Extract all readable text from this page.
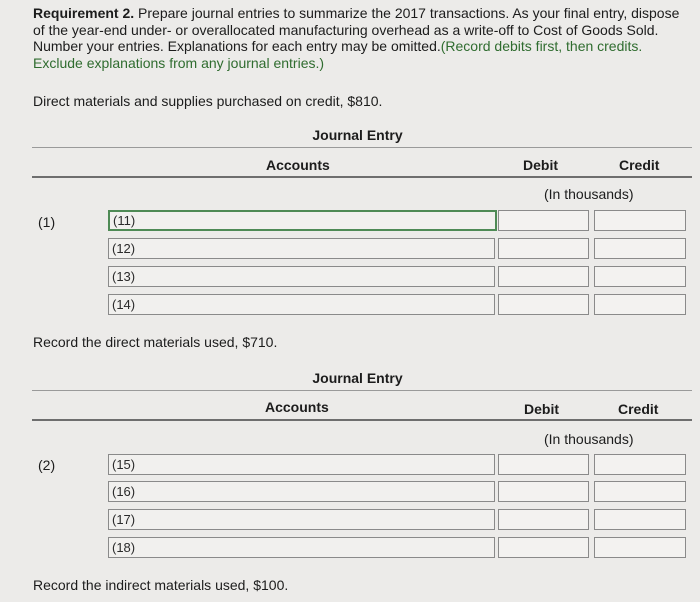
Requirement 2. Prepare journal entries to summarize the 2017 transactions. As your final entry, dispose of the year-end under- or overallocated manufacturing overhead as a write-off to Cost of Goods Sold. Number your entries. Explanations for each entry may be omitted.(Record debits first, then credits. Exclude explanations from any journal entries.)
Direct materials and supplies purchased on credit, $810.
Journal Entry
Accounts	Debit	Credit
(In thousands)
(1)	(11)
(12)
(13)
(14)
Record the direct materials used, $710.
Journal Entry
Accounts	Debit	Credit
(In thousands)
(2)	(15)
(16)
(17)
(18)
Record the indirect materials used, $100.
